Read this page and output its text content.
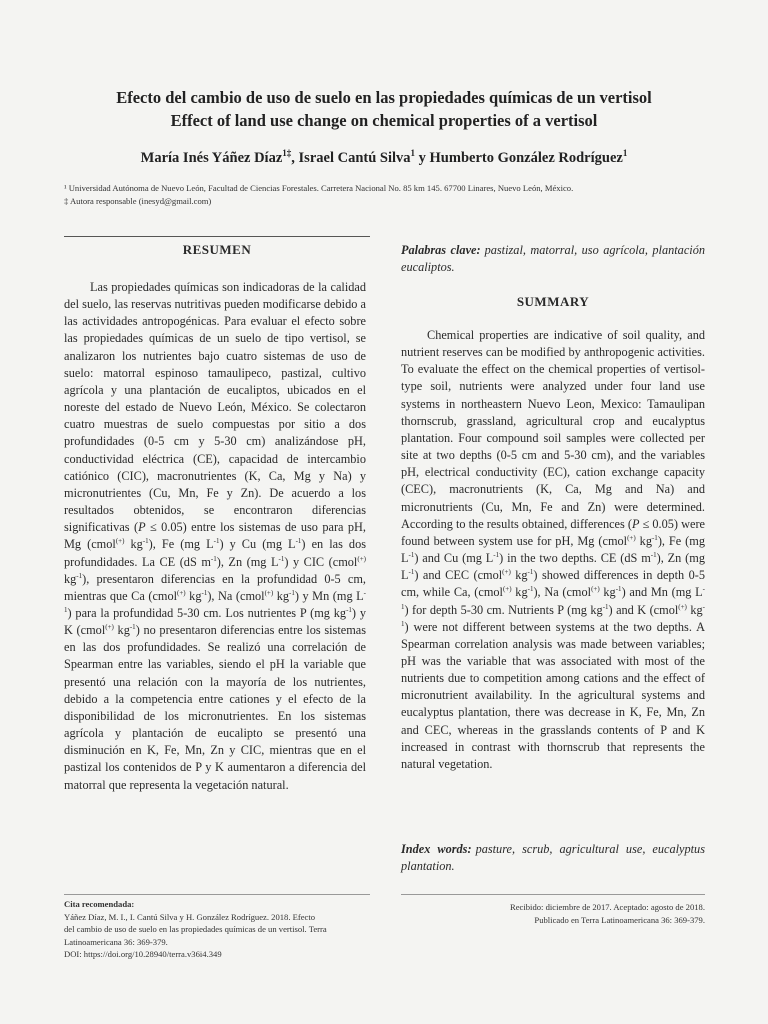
Efecto del cambio de uso de suelo en las propiedades químicas de un vertisol
Effect of land use change on chemical properties of a vertisol
María Inés Yáñez Díaz$^{1\ddagger}$, Israel Cantú Silva$^1$ y Humberto González Rodríguez$^1$
¹ Universidad Autónoma de Nuevo León, Facultad de Ciencias Forestales. Carretera Nacional No. 85 km 145. 67700 Linares, Nuevo León, México.
‡ Autora responsable (inesyd@gmail.com)
RESUMEN

Las propiedades químicas son indicadoras de la calidad del suelo, las reservas nutritivas pueden modificarse debido a las actividades antropogénicas. Para evaluar el efecto sobre las propiedades químicas de un suelo de tipo vertisol, se analizaron los nutrientes bajo cuatro sistemas de uso de suelo: matorral espinoso tamaulipeco, pastizal, cultivo agrícola y una plantación de eucaliptos, ubicados en el noreste del estado de Nuevo León, México. Se colectaron cuatro muestras de suelo compuestas por sitio a dos profundidades (0-5 cm y 5-30 cm) analizándose pH, conductividad eléctrica (CE), capacidad de intercambio catiónico (CIC), macronutrientes (K, Ca, Mg y Na) y micronutrientes (Cu, Mn, Fe y Zn). De acuerdo a los resultados obtenidos, se encontraron diferencias significativas (P ≤ 0.05) entre los sistemas de uso para pH, Mg (cmol(+) $kg^{-1}$), Fe (mg $L^{-1}$) y Cu (mg $L^{-1}$) en las dos profundidades. La CE (dS $m^{-1}$), Zn (mg $L^{-1}$) y CIC (cmol(+) $kg^{-1}$), presentaron diferencias en la profundidad 0-5 cm, mientras que Ca (cmol(+) $kg^{-1}$), Na (cmol(+) $kg^{-1}$) y Mn (mg $L^{-1}$) para la profundidad 5-30 cm. Los nutrientes P (mg $kg^{-1}$) y K (cmol(+) $kg^{-1}$) no presentaron diferencias entre los sistemas en las dos profundidades. Se realizó una correlación de Spearman entre las variables, siendo el pH la variable que presentó una relación con la mayoría de los nutrientes, debido a la competencia entre cationes y el efecto de la disponibilidad de los micronutrientes. En los sistemas agrícola y plantación de eucalipto se presentó una disminución en K, Fe, Mn, Zn y CIC, mientras que en el pastizal los contenidos de P y K aumentaron a diferencia del matorral que representa la vegetación natural.

Palabras clave: pastizal, matorral, uso agrícola, plantación eucaliptos.
SUMMARY

Chemical properties are indicative of soil quality, and nutrient reserves can be modified by anthropogenic activities. To evaluate the effect on the chemical properties of vertisol-type soil, nutrients were analyzed under four land use systems in northeastern Nuevo Leon, Mexico: Tamaulipan thornscrub, grassland, agricultural crop and eucalyptus plantation. Four compound soil samples were collected per site at two depths (0-5 cm and 5-30 cm), and the variables pH, electrical conductivity (EC), cation exchange capacity (CEC), macronutrients (K, Ca, Mg and Na) and micronutrients (Cu, Mn, Fe and Zn) were determined. According to the results obtained, differences (P ≤ 0.05) were found between system use for pH, Mg (cmol(+) $kg^{-1}$), Fe (mg $L^{-1}$) and Cu (mg $L^{-1}$) in the two depths. CE (dS $m^{-1}$), Zn (mg $L^{-1}$) and CEC (cmol(+) $kg^{-1}$) showed differences in depth 0-5 cm, while Ca, (cmol(+) $kg^{-1}$), Na (cmol(+) $kg^{-1}$) and Mn (mg $L^{-1}$) for depth 5-30 cm. Nutrients P (mg $kg^{-1}$) and K (cmol(+) $kg^{-1}$) were not different between systems at the two depths. A Spearman correlation analysis was made between variables; pH was the variable that was associated with most of the nutrients due to competition among cations and the effect of micronutrient availability. In the agricultural systems and eucalyptus plantation, there was decrease in K, Fe, Mn, Zn and CEC, whereas in the grasslands contents of P and K increased in contrast with thornscrub that represents the natural vegetation.

Index words: pasture, scrub, agricultural use, eucalyptus plantation.
Cita recomendada:
Yáñez Díaz, M. I., I. Cantú Silva y H. González Rodríguez. 2018. Efecto
del cambio de uso de suelo en las propiedades químicas de un vertisol. Terra
Latinoamericana 36: 369-379.
DOI: https://doi.org/10.28940/terra.v36i4.349
Recibido: diciembre de 2017. Aceptado: agosto de 2018.
Publicado en Terra Latinoamericana 36: 369-379.
